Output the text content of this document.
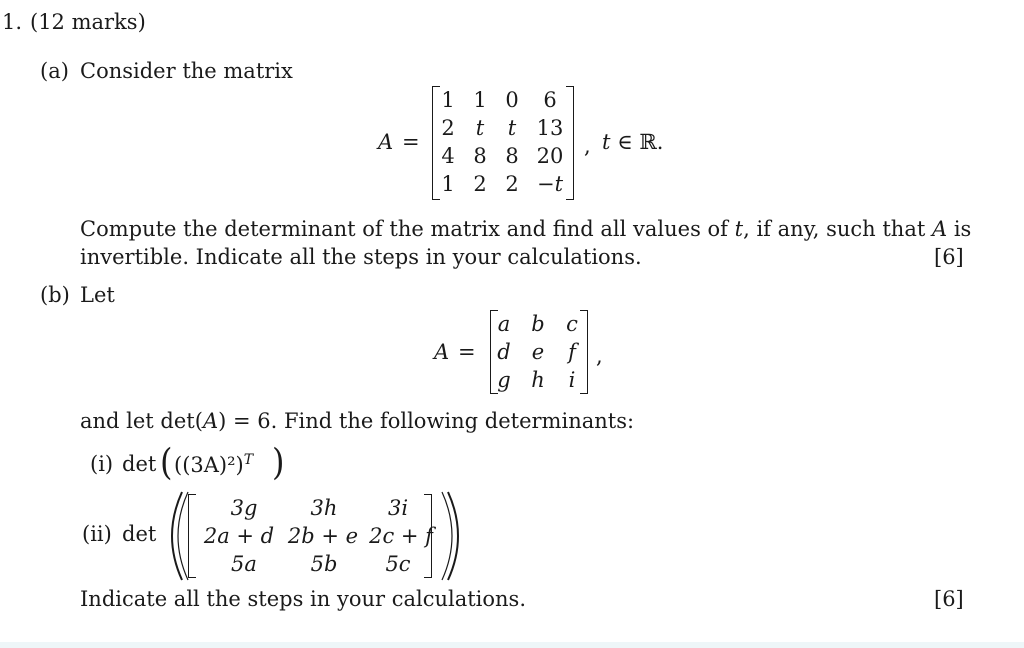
1. (12 marks)
(a) Consider the matrix
A =
1 1 0	6
2	t	t 13
4 8 8 20
1 2 2 −t
, t ∈ ℝ.
Compute the determinant of the matrix and find all values of t, if any, such that A is
invertible. Indicate all the steps in your calculations.	[6]
(b) Let
A =
a	b	c
d	e	f
g h	i
,
and let det(A) = 6. Find the following determinants:
(i) det ( $((3A)^2)^T$ )
(ii) det
3g	3h	3i
2a + d 2b + e 2c + f
5a	5b	5c
Indicate all the steps in your calculations.	[6]
